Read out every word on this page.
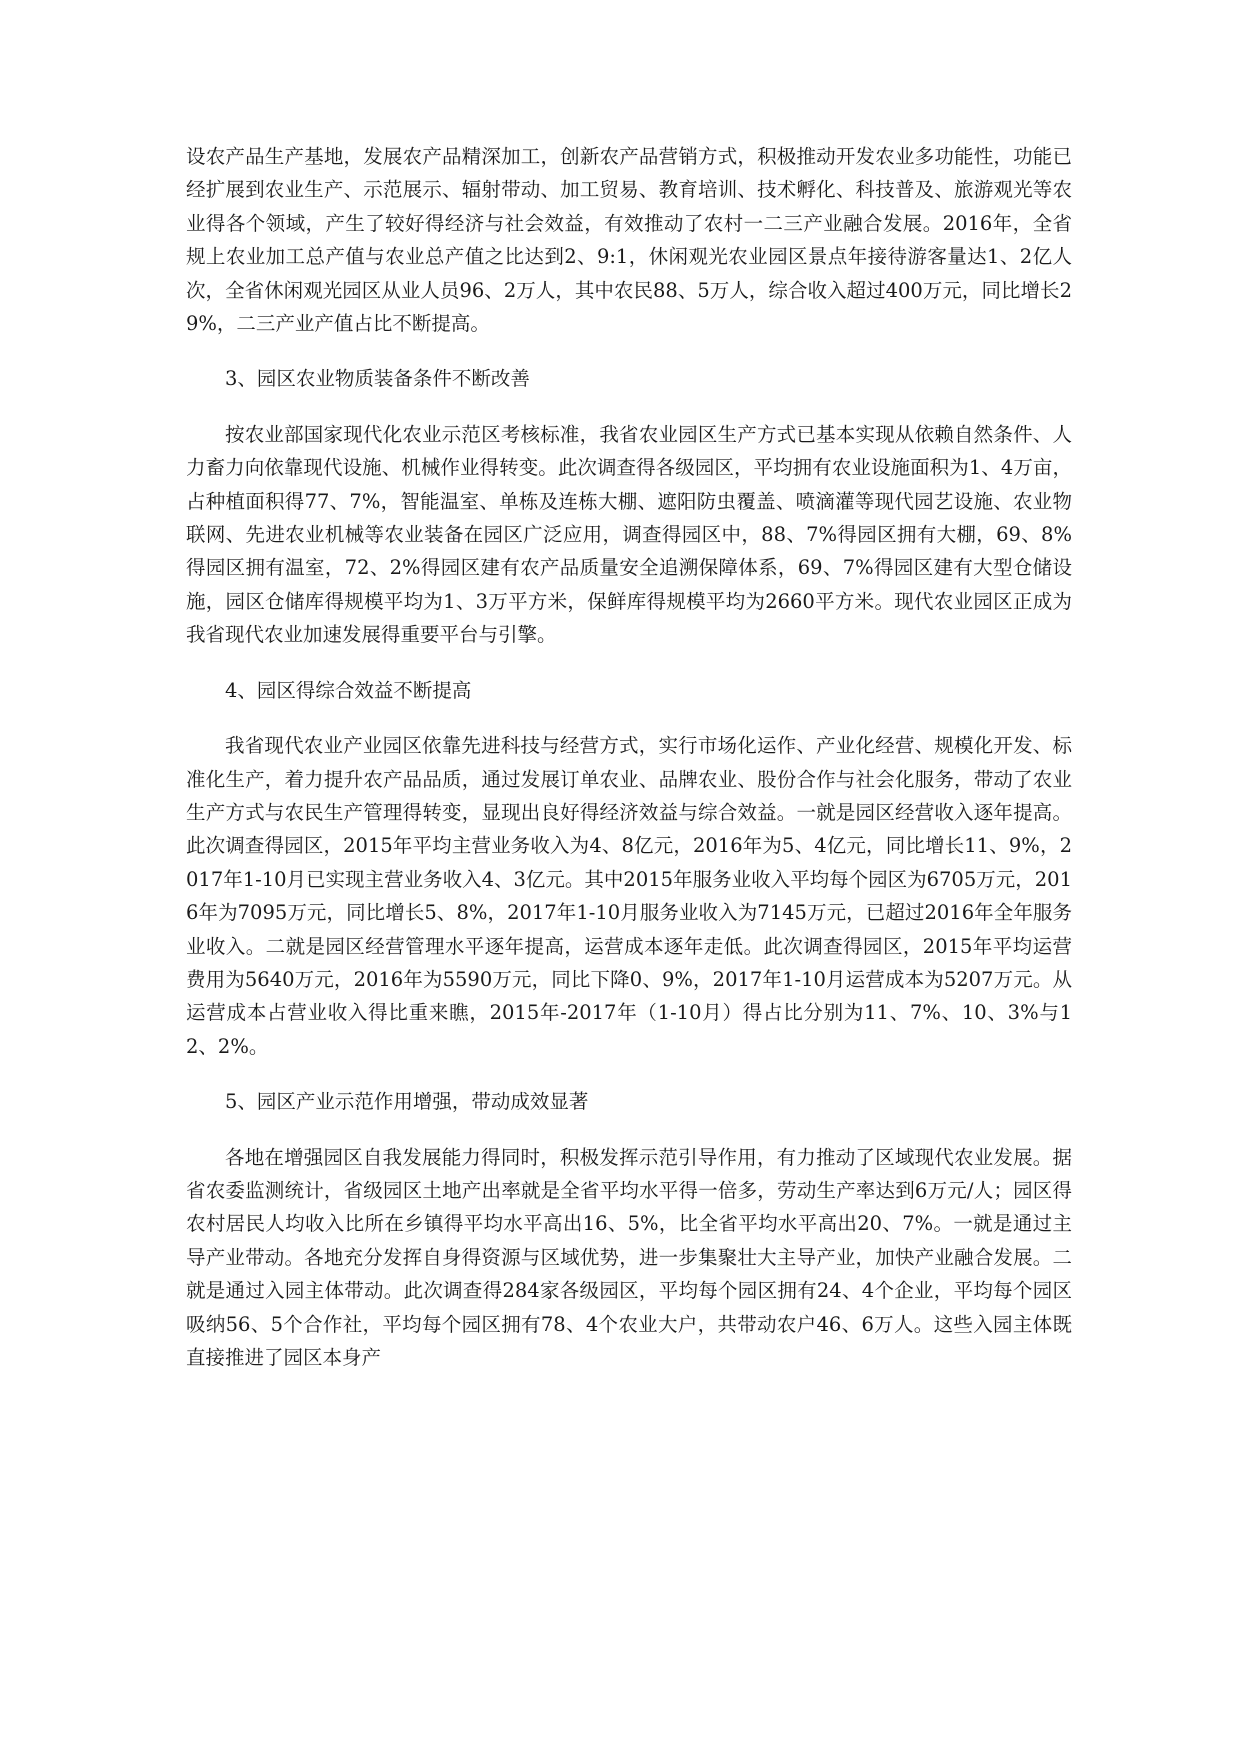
设农产品生产基地，发展农产品精深加工，创新农产品营销方式，积极推动开发农业多功能性，功能已经扩展到农业生产、示范展示、辐射带动、加工贸易、教育培训、技术孵化、科技普及、旅游观光等农业得各个领域，产生了较好得经济与社会效益，有效推动了农村一二三产业融合发展。2016年，全省规上农业加工总产值与农业总产值之比达到2、9:1，休闲观光农业园区景点年接待游客量达1、2亿人次，全省休闲观光园区从业人员96、2万人，其中农民88、5万人，综合收入超过400万元，同比增长29%，二三产业产值占比不断提高。

3、园区农业物质装备条件不断改善

按农业部国家现代化农业示范区考核标准，我省农业园区生产方式已基本实现从依赖自然条件、人力畜力向依靠现代设施、机械作业得转变。此次调查得各级园区，平均拥有农业设施面积为1、4万亩，占种植面积得77、7%，智能温室、单栋及连栋大棚、遮阳防虫覆盖、喷滴灌等现代园艺设施、农业物联网、先进农业机械等农业装备在园区广泛应用，调查得园区中，88、7%得园区拥有大棚，69、8%得园区拥有温室，72、2%得园区建有农产品质量安全追溯保障体系，69、7%得园区建有大型仓储设施，园区仓储库得规模平均为1、3万平方米，保鲜库得规模平均为2660平方米。现代农业园区正成为我省现代农业加速发展得重要平台与引擎。

4、园区得综合效益不断提高

我省现代农业产业园区依靠先进科技与经营方式，实行市场化运作、产业化经营、规模化开发、标准化生产，着力提升农产品品质，通过发展订单农业、品牌农业、股份合作与社会化服务，带动了农业生产方式与农民生产管理得转变，显现出良好得经济效益与综合效益。一就是园区经营收入逐年提高。此次调查得园区，2015年平均主营业务收入为4、8亿元，2016年为5、4亿元，同比增长11、9%，2017年1-10月已实现主营业务收入4、3亿元。其中2015年服务业收入平均每个园区为6705万元，2016年为7095万元，同比增长5、8%，2017年1-10月服务业收入为7145万元，已超过2016年全年服务业收入。二就是园区经营管理水平逐年提高，运营成本逐年走低。此次调查得园区，2015年平均运营费用为5640万元，2016年为5590万元，同比下降0、9%，2017年1-10月运营成本为5207万元。从运营成本占营业收入得比重来瞧，2015年-2017年（1-10月）得占比分别为11、7%、10、3%与12、2%。

5、园区产业示范作用增强，带动成效显著

各地在增强园区自我发展能力得同时，积极发挥示范引导作用，有力推动了区域现代农业发展。据省农委监测统计，省级园区土地产出率就是全省平均水平得一倍多，劳动生产率达到6万元/人；园区得农村居民人均收入比所在乡镇得平均水平高出16、5%，比全省平均水平高出20、7%。一就是通过主导产业带动。各地充分发挥自身得资源与区域优势，进一步集聚壮大主导产业，加快产业融合发展。二就是通过入园主体带动。此次调查得284家各级园区，平均每个园区拥有24、4个企业，平均每个园区吸纳56、5个合作社，平均每个园区拥有78、4个农业大户，共带动农户46、6万人。这些入园主体既直接推进了园区本身产
